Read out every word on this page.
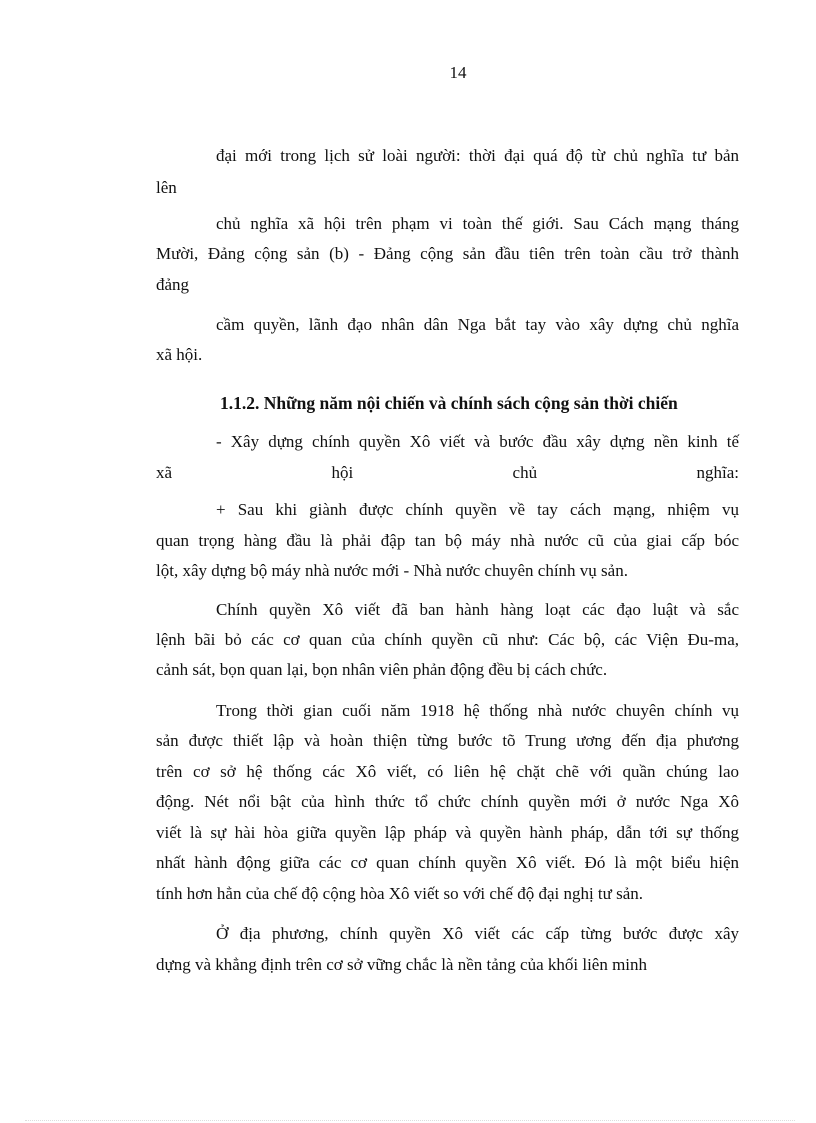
14
đại mới trong lịch sử loài người: thời đại quá độ từ chủ nghĩa tư bản
lên
chủ nghĩa xã hội trên phạm vi toàn thế giới. Sau Cách mạng tháng
Mười, Đảng cộng sản (b) - Đảng cộng sản đầu tiên trên toàn cầu trở thành
đảng
cầm quyền, lãnh đạo nhân dân Nga bắt tay vào xây dựng chủ nghĩa
xã hội.
1.1.2. Những năm nội chiến và chính sách cộng sản thời chiến
- Xây dựng chính quyền Xô viết và bước đầu xây dựng nền kinh tế
xã hội chủ nghĩa:
+ Sau khi giành được chính quyền về tay cách mạng, nhiệm vụ
quan trọng hàng đầu là phải đập tan bộ máy nhà nước cũ của giai cấp bóc
lột, xây dựng bộ máy nhà nước mới - Nhà nước chuyên chính vụ sản.
Chính quyền Xô viết đã ban hành hàng loạt các đạo luật và sắc
lệnh bãi bỏ các cơ quan của chính quyền cũ như: Các bộ, các Viện Đu-ma,
cảnh sát, bọn quan lại, bọn nhân viên phản động đều bị cách chức.
Trong thời gian cuối năm 1918 hệ thống nhà nước chuyên chính vụ
sản được thiết lập và hoàn thiện từng bước tõ Trung ương đến địa phương
trên cơ sở hệ thống các Xô viết, có liên hệ chặt chẽ với quần chúng lao
động. Nét nổi bật của hình thức tổ chức chính quyền mới ở nước Nga Xô
viết là sự hài hòa giữa quyền lập pháp và quyền hành pháp, dẫn tới sự thống
nhất hành động giữa các cơ quan chính quyền Xô viết. Đó là một biểu hiện
tính hơn hẳn của chế độ cộng hòa Xô viết so với chế độ đại nghị tư sản.
Ở địa phương, chính quyền Xô viết các cấp từng bước được xây
dựng và khẳng định trên cơ sở vững chắc là nền tảng của khối liên minh
